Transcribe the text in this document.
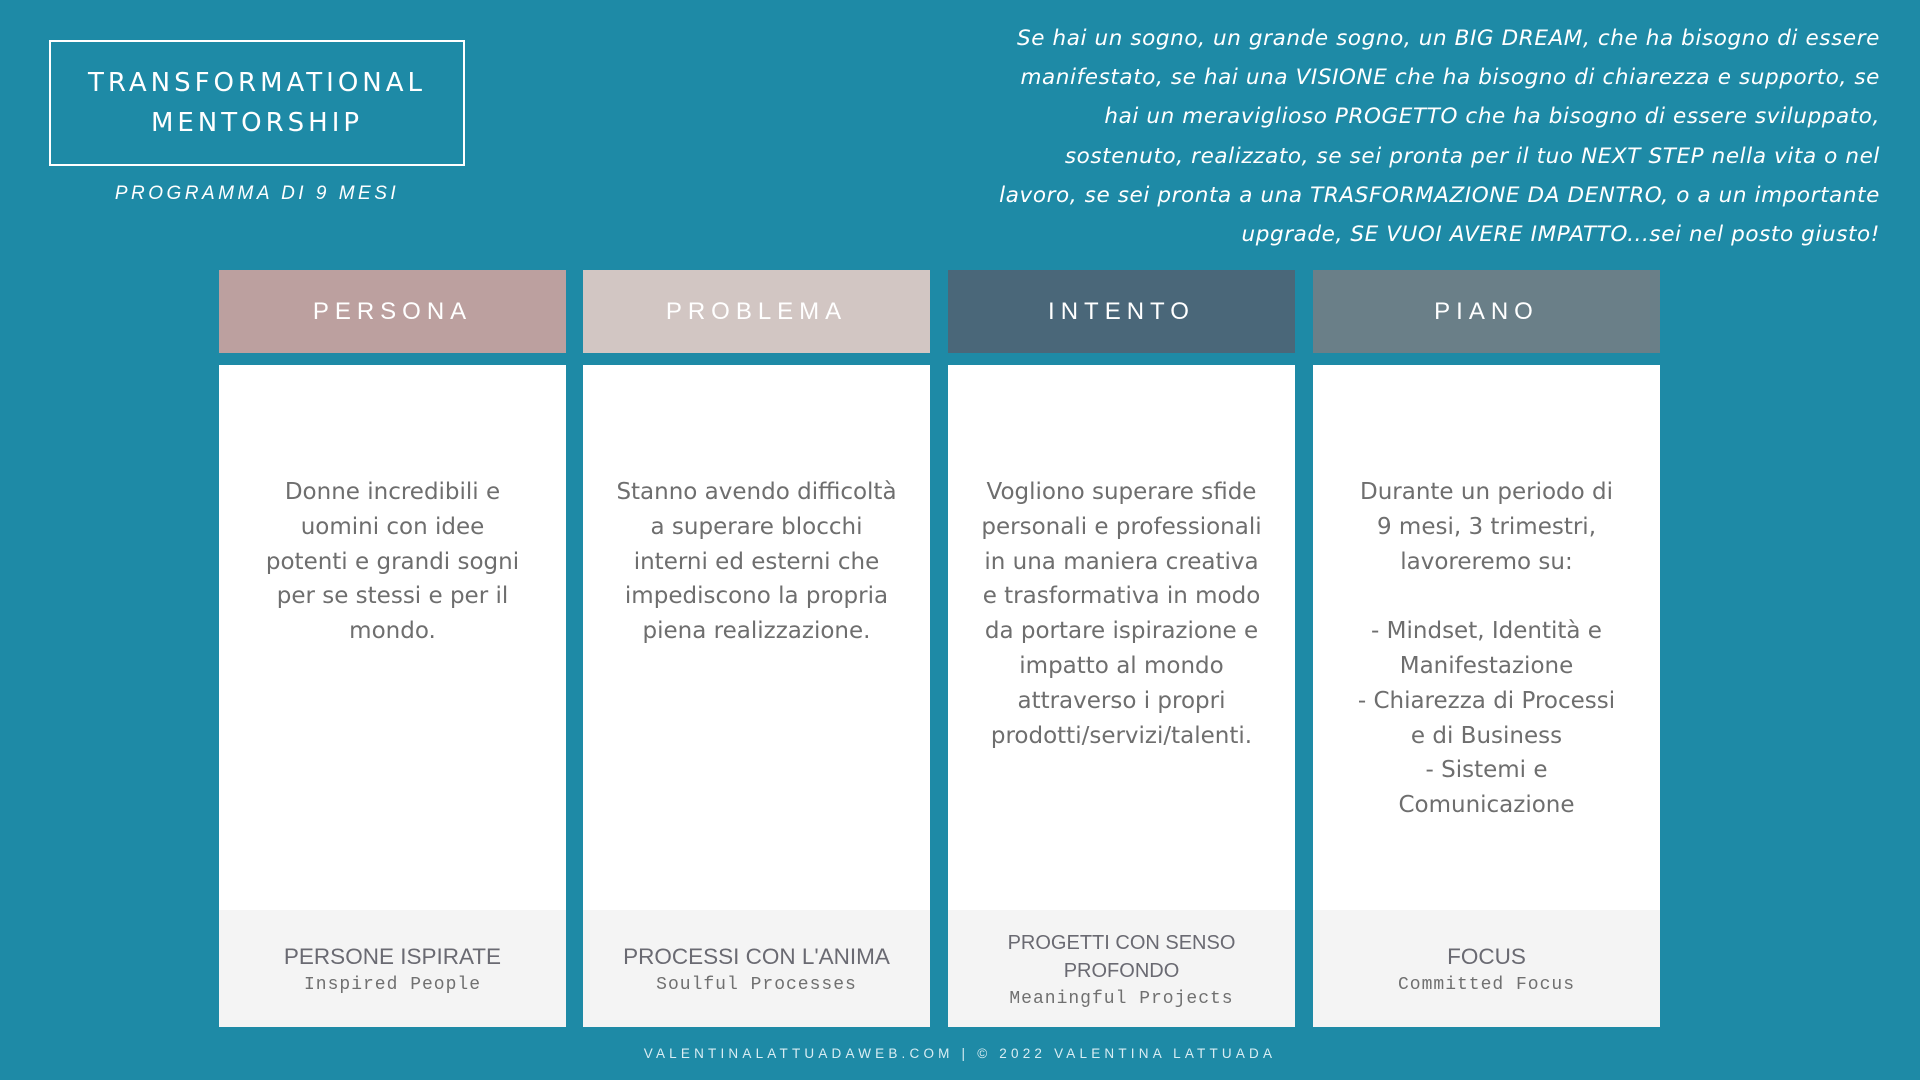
TRANSFORMATIONAL
MENTORSHIP
PROGRAMMA DI 9 MESI
Se hai un sogno, un grande sogno, un BIG DREAM, che ha bisogno di essere
manifestato, se hai una VISIONE che ha bisogno di chiarezza e supporto, se
hai un meraviglioso PROGETTO che ha bisogno di essere sviluppato,
sostenuto, realizzato, se sei pronta per il tuo NEXT STEP nella vita o nel
lavoro, se sei pronta a una TRASFORMAZIONE DA DENTRO, o a un importante
upgrade, SE VUOI AVERE IMPATTO...sei nel posto giusto!
PERSONA
Donne incredibili e
uomini con idee
potenti e grandi sogni
per se stessi e per il
mondo.
PERSONE ISPIRATE
Inspired People
PROBLEMA
Stanno avendo difficoltà
a superare blocchi
interni ed esterni che
impediscono la propria
piena realizzazione.
PROCESSI CON L'ANIMA
Soulful Processes
INTENTO
Vogliono superare sfide
personali e professionali
in una maniera creativa
e trasformativa in modo
da portare ispirazione e
impatto al mondo
attraverso i propri
prodotti/servizi/talenti.
PROGETTI CON SENSO
PROFONDO
Meaningful Projects
PIANO
Durante un periodo di
9 mesi, 3 trimestri,
lavoreremo su:
- Mindset, Identità e
Manifestazione
- Chiarezza di Processi
e di Business
- Sistemi e
Comunicazione
FOCUS
Committed Focus
VALENTINALATTUADAWEB.COM | © 2022 VALENTINA LATTUADA
